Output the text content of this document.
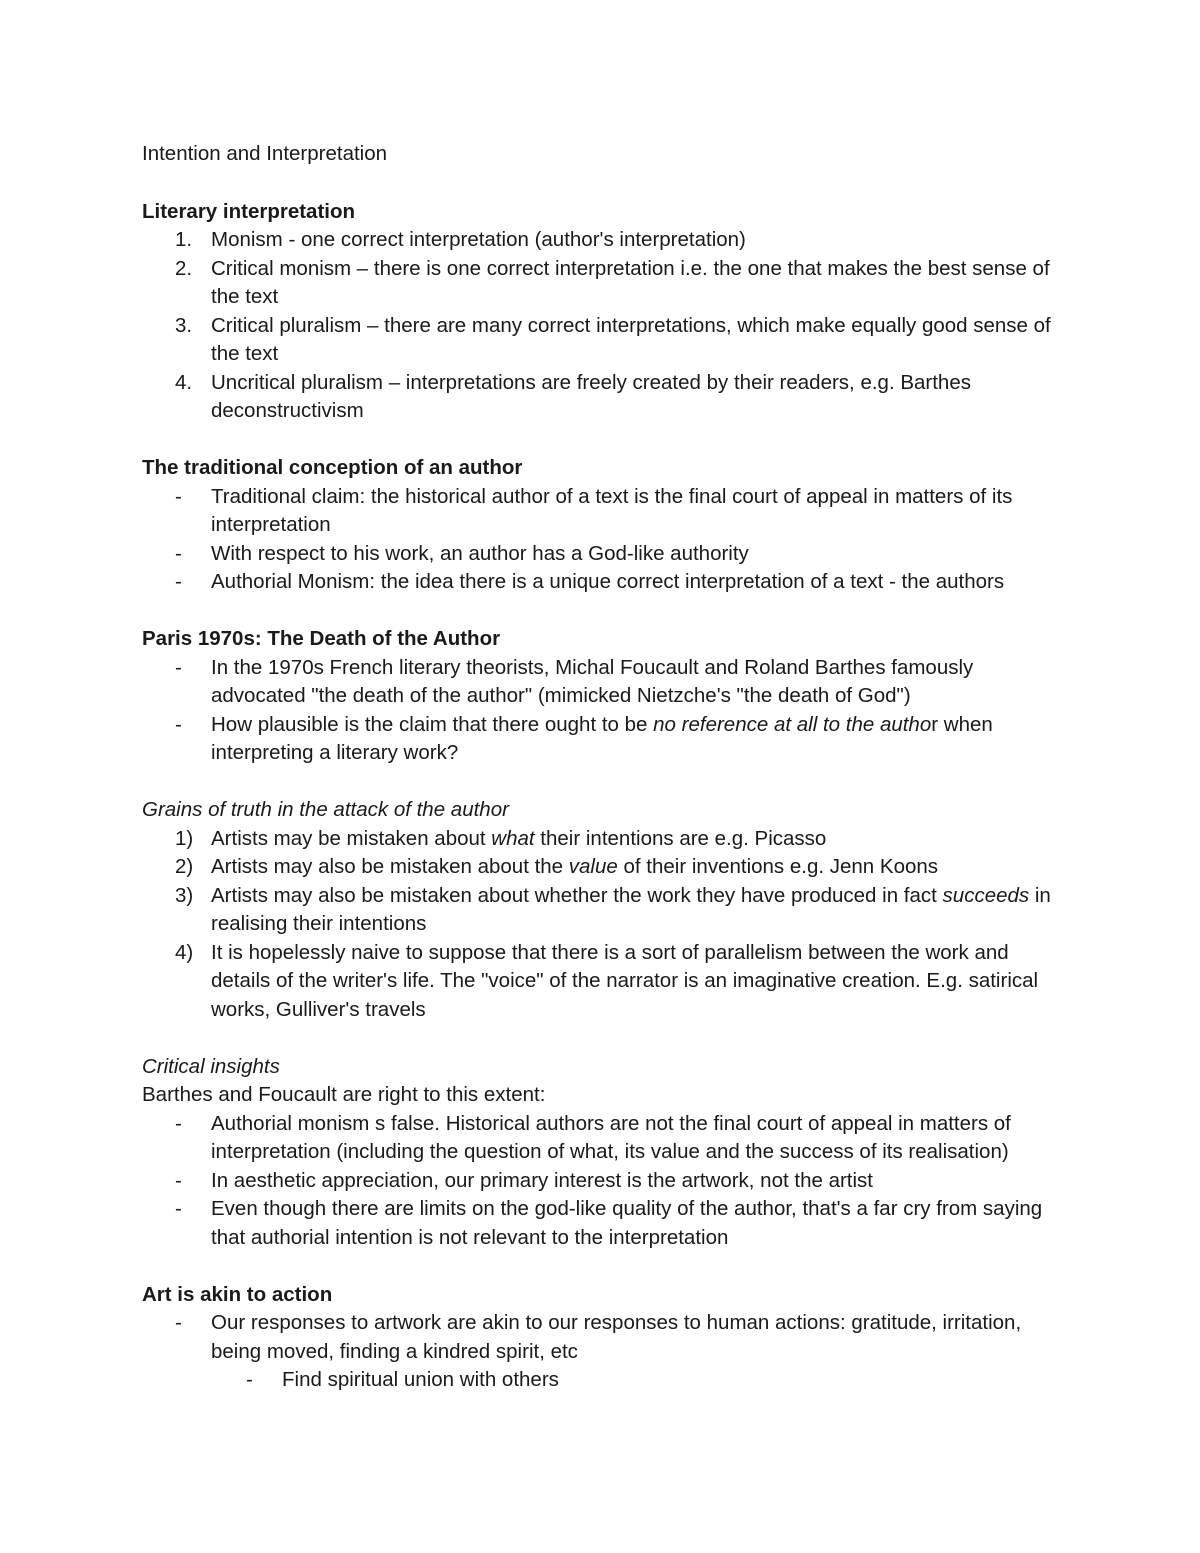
Intention and Interpretation

Literary interpretation

1. Monism - one correct interpretation (author's interpretation)
2. Critical monism – there is one correct interpretation i.e. the one that makes the best sense of the text
3. Critical pluralism – there are many correct interpretations, which make equally good sense of the text
4. Uncritical pluralism – interpretations are freely created by their readers, e.g. Barthes deconstructivism

The traditional conception of an author

- Traditional claim: the historical author of a text is the final court of appeal in matters of its interpretation
- With respect to his work, an author has a God-like authority
- Authorial Monism: the idea there is a unique correct interpretation of a text - the authors

Paris 1970s: The Death of the Author

- In the 1970s French literary theorists, Michal Foucault and Roland Barthes famously advocated "the death of the author" (mimicked Nietzche's "the death of God")
- How plausible is the claim that there ought to be no reference at all to the author when interpreting a literary work?

Grains of truth in the attack of the author

1) Artists may be mistaken about what their intentions are e.g. Picasso
2) Artists may also be mistaken about the value of their inventions e.g. Jenn Koons
3) Artists may also be mistaken about whether the work they have produced in fact succeeds in realising their intentions
4) It is hopelessly naive to suppose that there is a sort of parallelism between the work and details of the writer's life. The "voice" of the narrator is an imaginative creation. E.g. satirical works, Gulliver's travels

Critical insights

Barthes and Foucault are right to this extent:

- Authorial monism s false. Historical authors are not the final court of appeal in matters of interpretation (including the question of what, its value and the success of its realisation)
- In aesthetic appreciation, our primary interest is the artwork, not the artist
- Even though there are limits on the god-like quality of the author, that's a far cry from saying that authorial intention is not relevant to the interpretation

Art is akin to action

- Our responses to artwork are akin to our responses to human actions: gratitude, irritation, being moved, finding a kindred spirit, etc
- Find spiritual union with others
